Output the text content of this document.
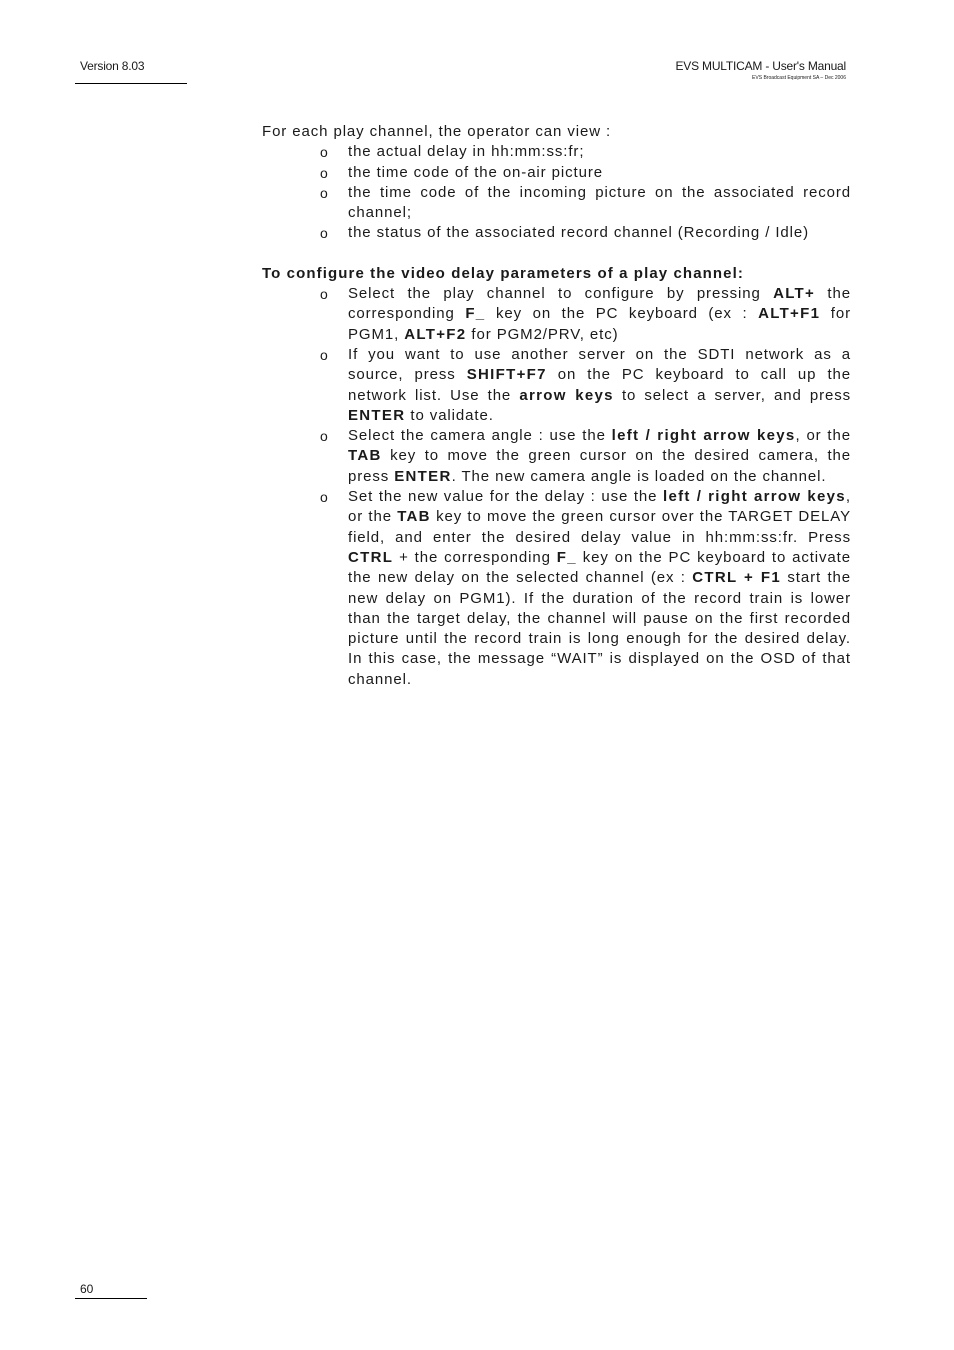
Version 8.03	EVS MULTICAM - User's Manual
EVS Broadcast Equipment SA – Dec 2006

For each play channel, the operator can view :

o the actual delay in hh:mm:ss:fr;
o the time code of the on-air picture
o the time code of the incoming picture on the associated record channel;
o the status of the associated record channel (Recording / Idle)

To configure the video delay parameters of a play channel:

o Select the play channel to configure by pressing ALT+ the corresponding F_ key on the PC keyboard (ex : ALT+F1 for PGM1, ALT+F2 for PGM2/PRV, etc)
o If you want to use another server on the SDTI network as a source, press SHIFT+F7 on the PC keyboard to call up the network list. Use the arrow keys to select a server, and press ENTER to validate.
o Select the camera angle : use the left / right arrow keys, or the TAB key to move the green cursor on the desired camera, the press ENTER. The new camera angle is loaded on the channel.
o Set the new value for the delay : use the left / right arrow keys, or the TAB key to move the green cursor over the TARGET DELAY field, and enter the desired delay value in hh:mm:ss:fr. Press CTRL + the corresponding F_ key on the PC keyboard to activate the new delay on the selected channel (ex : CTRL + F1 start the new delay on PGM1). If the duration of the record train is lower than the target delay, the channel will pause on the first recorded picture until the record train is long enough for the desired delay. In this case, the message “WAIT” is displayed on the OSD of that channel.
60
